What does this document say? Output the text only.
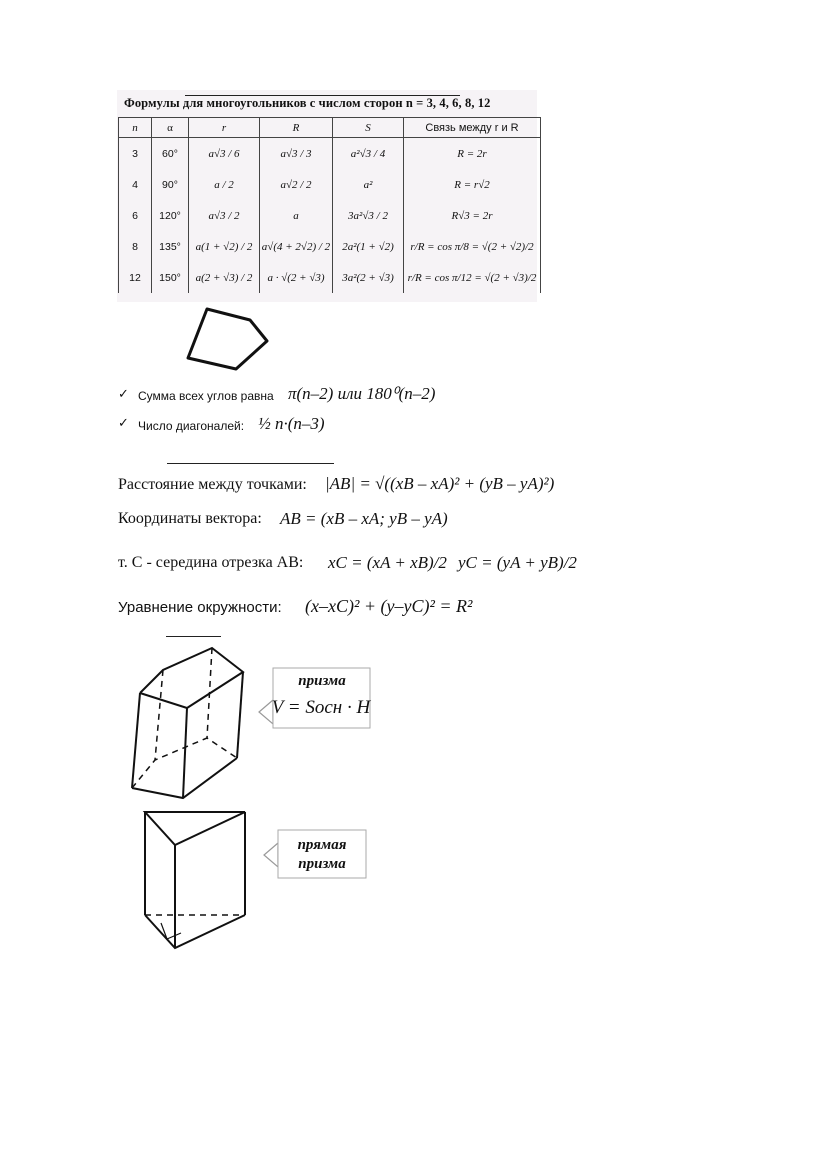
Формулы для многоугольников с числом сторон n = 3, 4, 6, 8, 12
n	α	r	R	S	Связь между r и R
3	60°	a√3 / 6	a√3 / 3	a²√3 / 4	R = 2r
4	90°	a / 2	a√2 / 2	a²	R = r√2
6	120°	a√3 / 2	a	3a²√3 / 2	R√3 = 2r
8	135°	a(1 + √2) / 2	a√(4 + 2√2) / 2	2a²(1 + √2)	r/R = cos π/8 = √(2 + √2)/2
12	150°	a(2 + √3) / 2	a · √(2 + √3)	3a²(2 + √3)	r/R = cos π/12 = √(2 + √3)/2
✓ Сумма всех углов равна π(n–2) или 180⁰(n–2)
✓ Число диагоналей: ½ n·(n–3)
Расстояние между точками: |AB| = √((xB – xA)² + (yB – yA)²)
Координаты вектора: AB = (xB – xA; yB – yA)
т. С - середина отрезка АВ: xC = (xA + xB)/2 yC = (yA + yB)/2
Уравнение окружности: (x–xC)² + (y–yC)² = R²
призма
V = Sосн · H
прямая
призма
